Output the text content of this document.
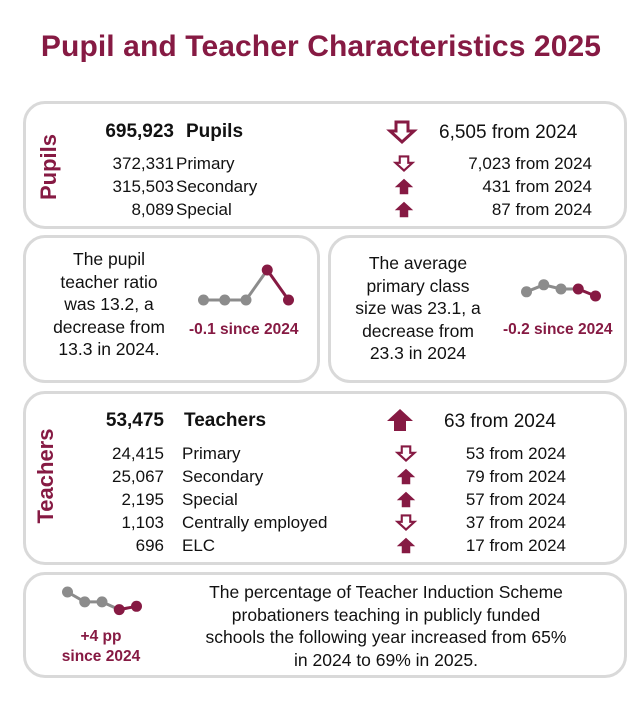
Pupil and Teacher Characteristics 2025
Pupils
695,923 Pupils	6,505 from 2024
372,331 Primary	7,023 from 2024
315,503 Secondary	431 from 2024
8,089 Special	87 from 2024
The pupil
teacher ratio
was 13.2, a
decrease from
13.3 in 2024.
-0.1 since 2024
The average
primary class
size was 23.1, a
decrease from
23.3 in 2024
-0.2 since 2024
Teachers
53,475 Teachers	63 from 2024
24,415 Primary	53 from 2024
25,067 Secondary	79 from 2024
2,195 Special	57 from 2024
1,103 Centrally employed	37 from 2024
696 ELC	17 from 2024
+4 pp
since 2024
The percentage of Teacher Induction Scheme
probationers teaching in publicly funded
schools the following year increased from 65%
in 2024 to 69% in 2025.
